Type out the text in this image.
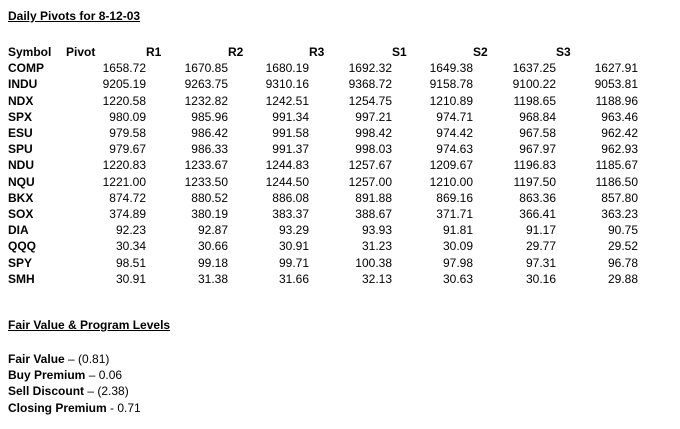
Daily Pivots for 8-12-03
Symbol	Pivot	R1	R2	R3	S1	S2	S3
COMP	1658.72	1670.85	1680.19	1692.32	1649.38	1637.25	1627.91
INDU	9205.19	9263.75	9310.16	9368.72	9158.78	9100.22	9053.81
NDX	1220.58	1232.82	1242.51	1254.75	1210.89	1198.65	1188.96
SPX	980.09	985.96	991.34	997.21	974.71	968.84	963.46
ESU	979.58	986.42	991.58	998.42	974.42	967.58	962.42
SPU	979.67	986.33	991.37	998.03	974.63	967.97	962.93
NDU	1220.83	1233.67	1244.83	1257.67	1209.67	1196.83	1185.67
NQU	1221.00	1233.50	1244.50	1257.00	1210.00	1197.50	1186.50
BKX	874.72	880.52	886.08	891.88	869.16	863.36	857.80
SOX	374.89	380.19	383.37	388.67	371.71	366.41	363.23
DIA	92.23	92.87	93.29	93.93	91.81	91.17	90.75
QQQ	30.34	30.66	30.91	31.23	30.09	29.77	29.52
SPY	98.51	99.18	99.71	100.38	97.98	97.31	96.78
SMH	30.91	31.38	31.66	32.13	30.63	30.16	29.88
Fair Value & Program Levels
Fair Value – (0.81)
Buy Premium – 0.06
Sell Discount – (2.38)
Closing Premium - 0.71
